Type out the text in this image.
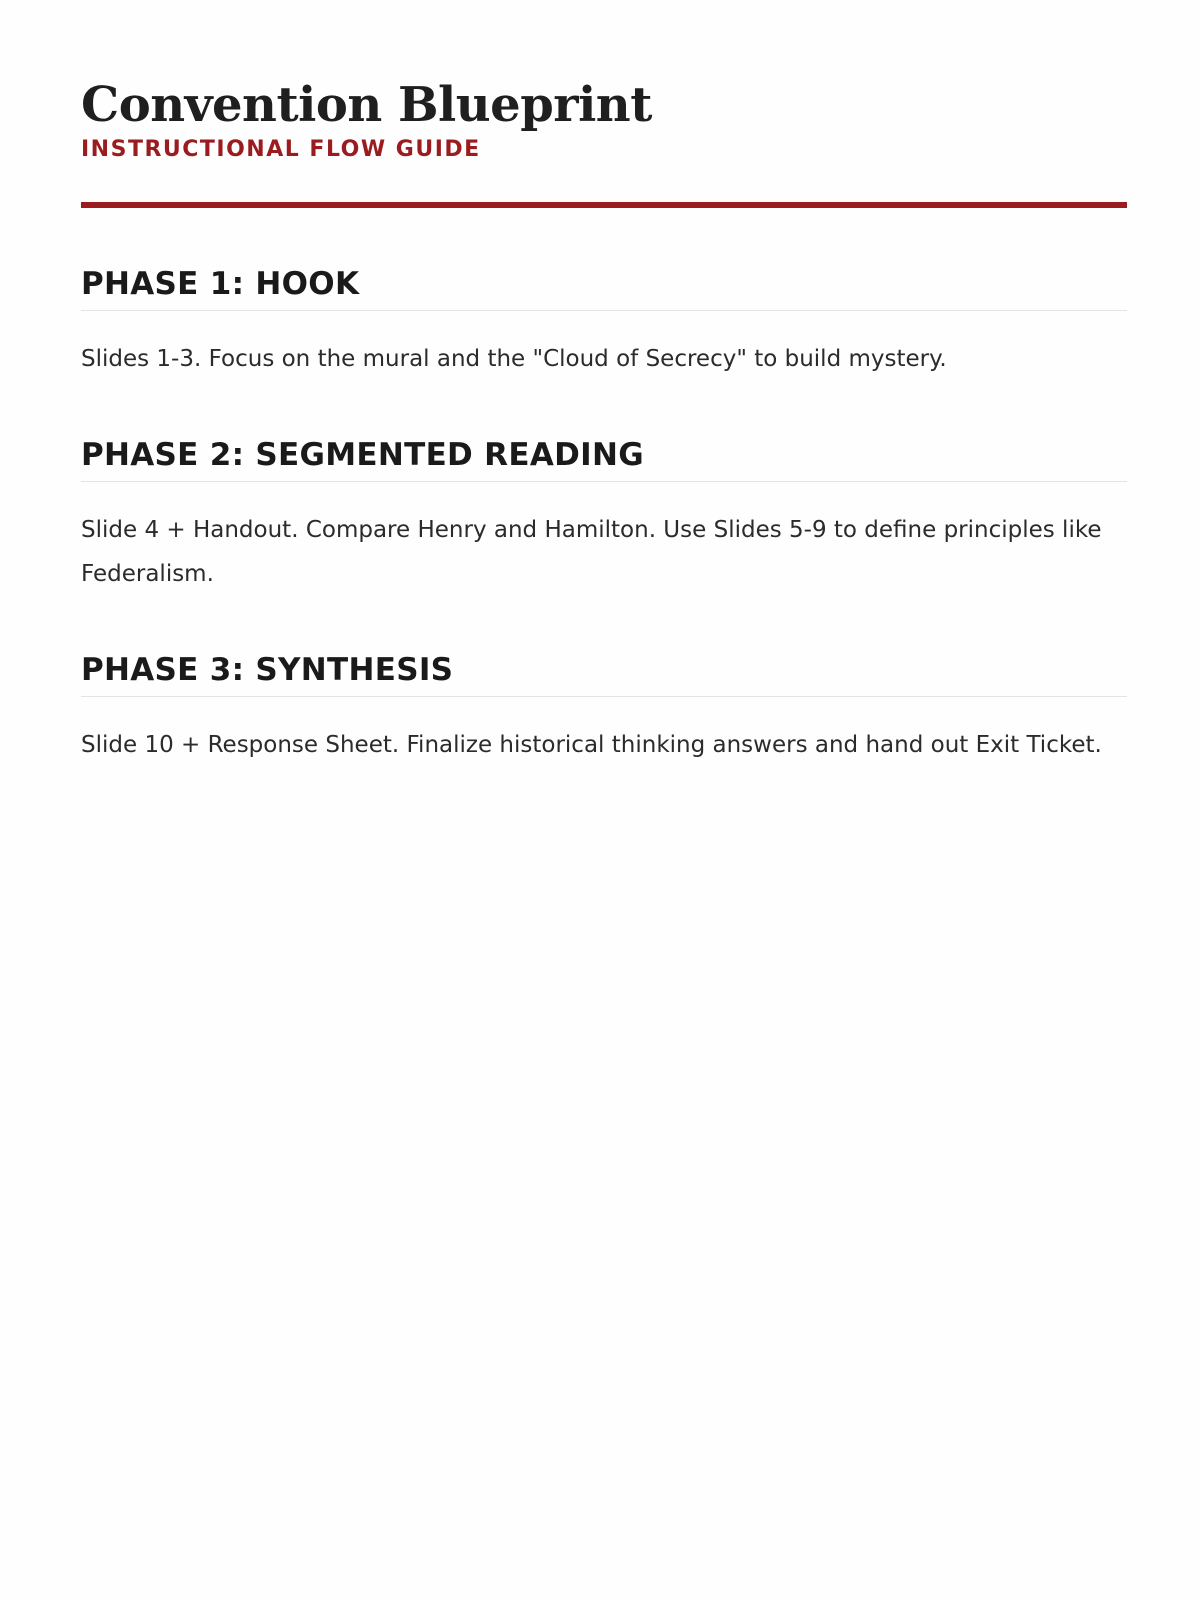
Convention Blueprint
INSTRUCTIONAL FLOW GUIDE
PHASE 1: HOOK

Slides 1-3. Focus on the mural and the "Cloud of Secrecy" to build mystery.

PHASE 2: SEGMENTED READING

Slide 4 + Handout. Compare Henry and Hamilton. Use Slides 5-9 to define principles like Federalism.

PHASE 3: SYNTHESIS

Slide 10 + Response Sheet. Finalize historical thinking answers and hand out Exit Ticket.
